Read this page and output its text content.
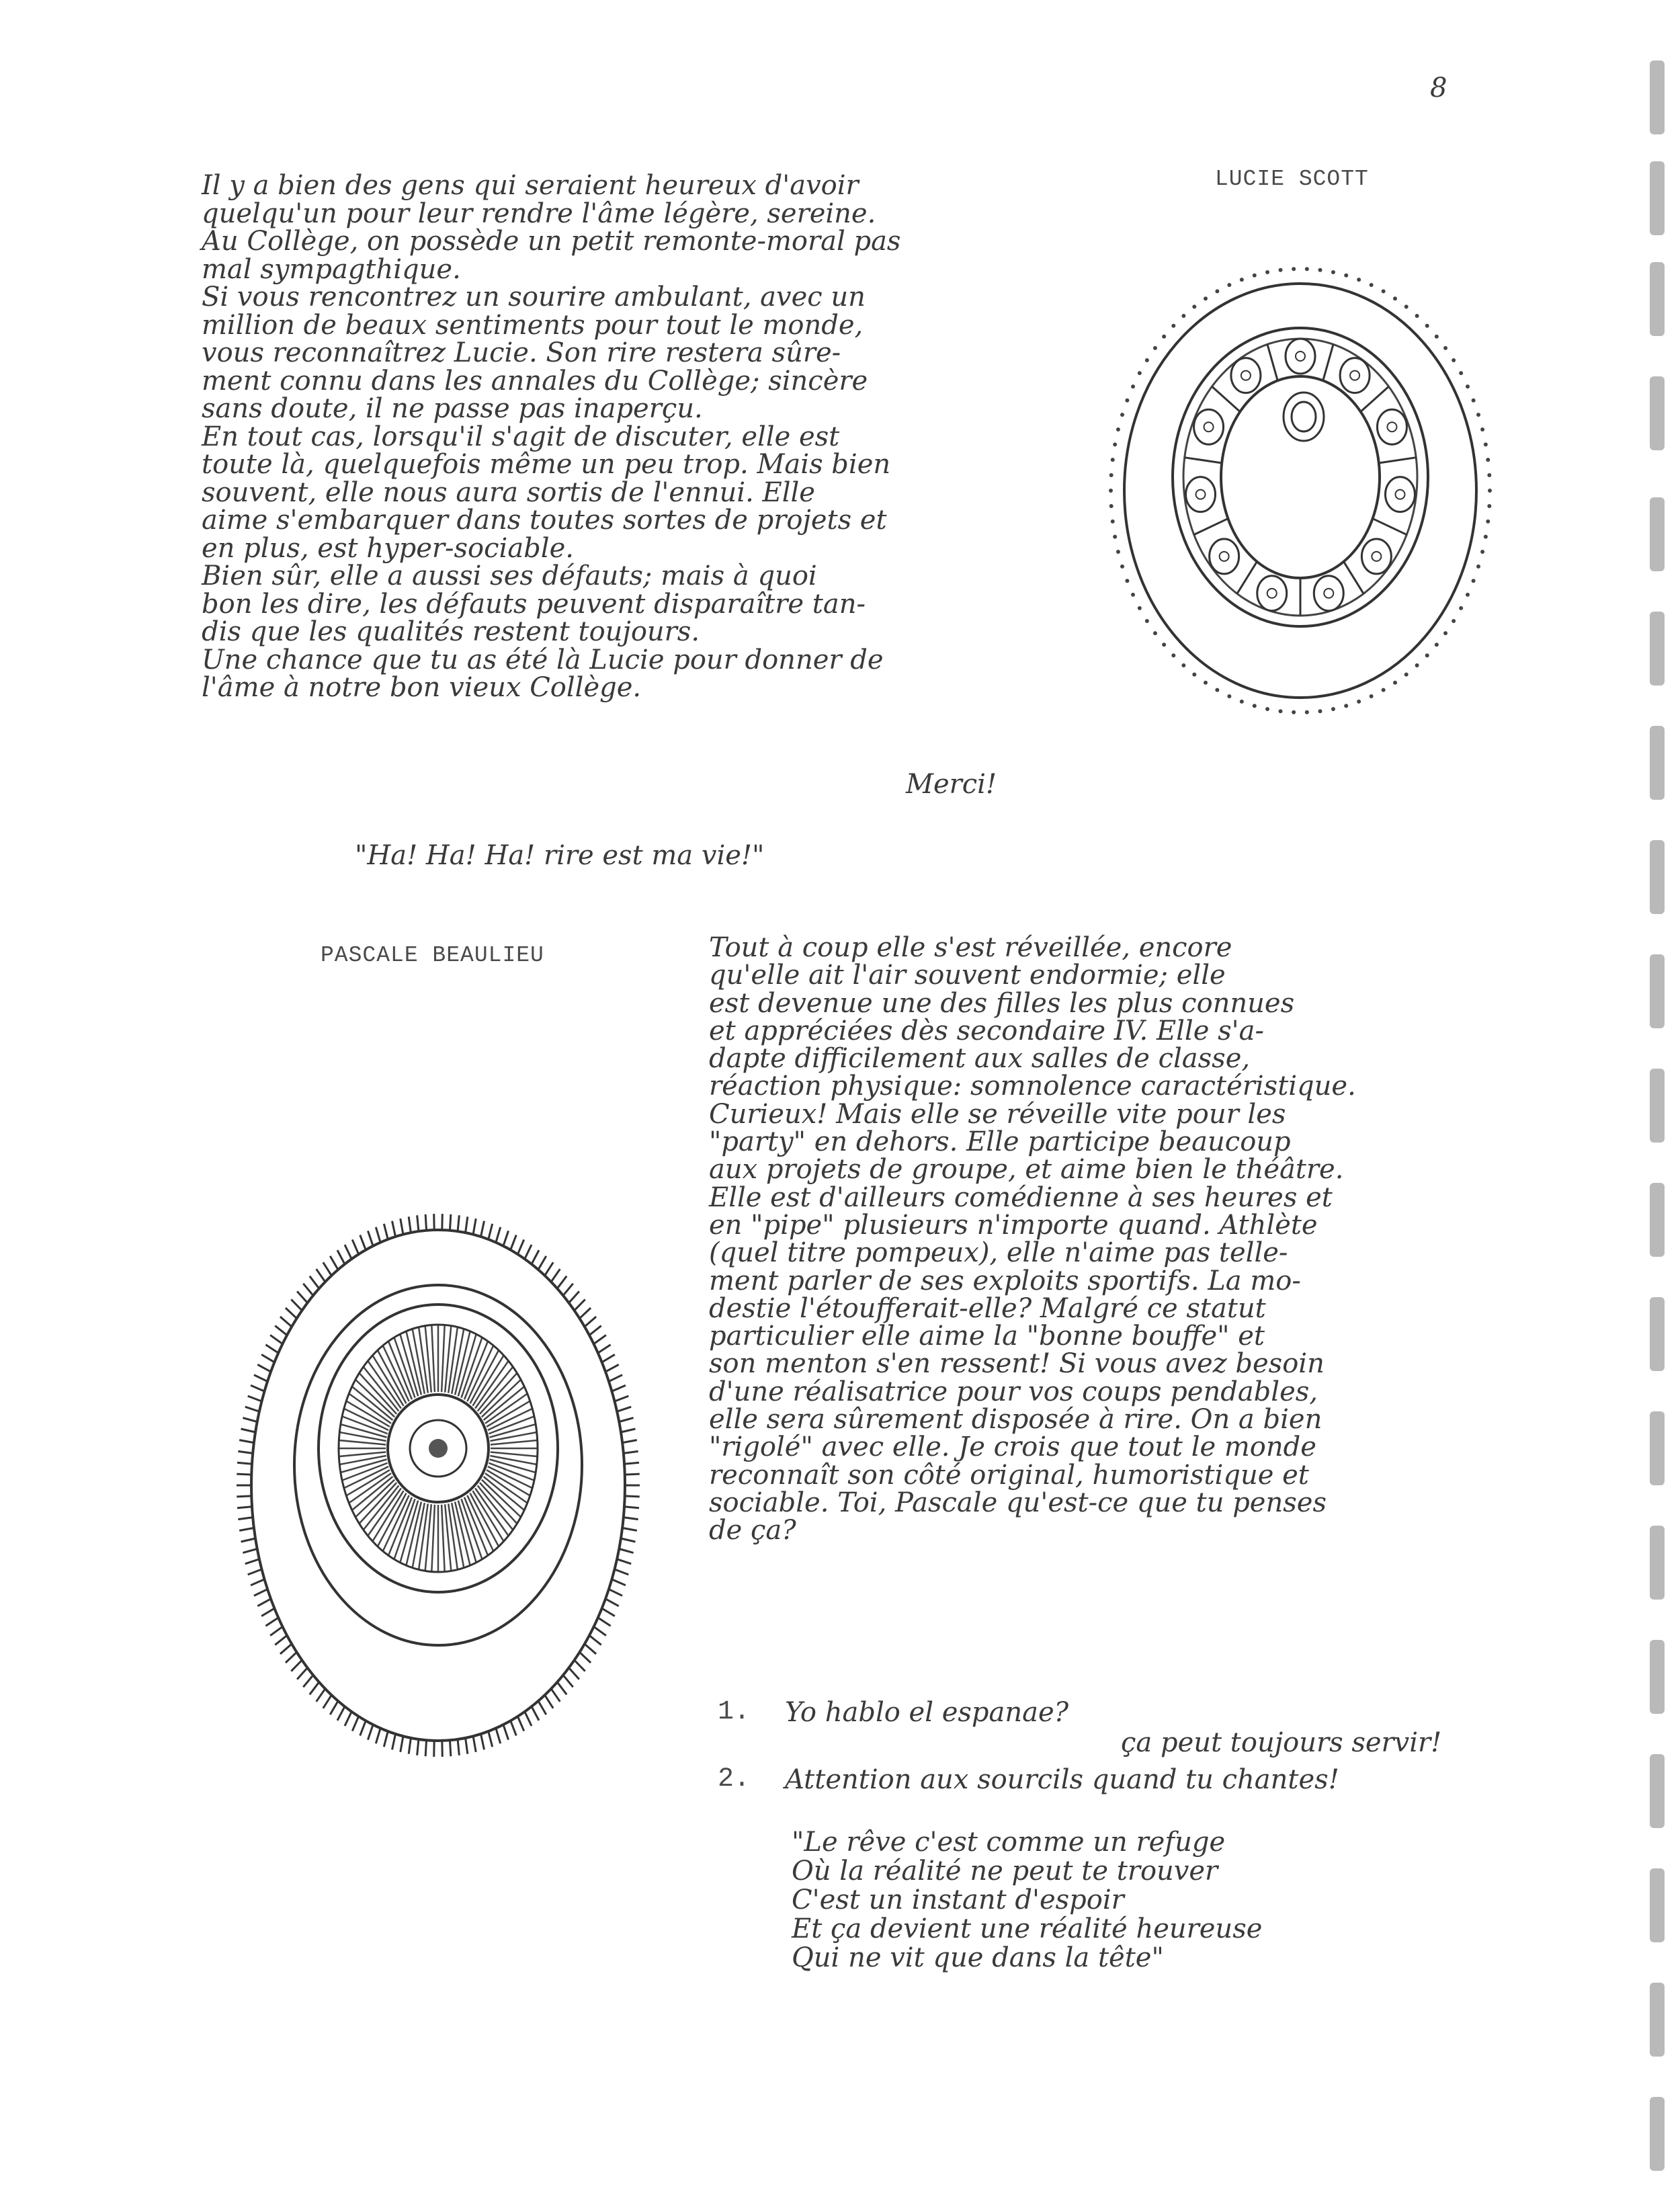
8
Il y a bien des gens qui seraient heureux d'avoir
quelqu'un pour leur rendre l'âme légère, sereine.
Au Collège, on possède un petit remonte-moral pas
mal sympagthique.
Si vous rencontrez un sourire ambulant, avec un
million de beaux sentiments pour tout le monde,
vous reconnaîtrez Lucie. Son rire restera sûre-
ment connu dans les annales du Collège; sincère
sans doute, il ne passe pas inaperçu.
En tout cas, lorsqu'il s'agit de discuter, elle est
toute là, quelquefois même un peu trop. Mais bien
souvent, elle nous aura sortis de l'ennui. Elle
aime s'embarquer dans toutes sortes de projets et
en plus, est hyper-sociable.
Bien sûr, elle a aussi ses défauts; mais à quoi
bon les dire, les défauts peuvent disparaître tan-
dis que les qualités restent toujours.
Une chance que tu as été là Lucie pour donner de
l'âme à notre bon vieux Collège.
Merci!
"Ha! Ha! Ha! rire est ma vie!"
LUCIE SCOTT
PASCALE BEAULIEU	Tout à coup elle s'est réveillée, encore
qu'elle ait l'air souvent endormie; elle
est devenue une des filles les plus connues
et appréciées dès secondaire IV. Elle s'a-
dapte difficilement aux salles de classe,
réaction physique: somnolence caractéristique.
Curieux! Mais elle se réveille vite pour les
"party" en dehors. Elle participe beaucoup
aux projets de groupe, et aime bien le théâtre.
Elle est d'ailleurs comédienne à ses heures et
en "pipe" plusieurs n'importe quand. Athlète
(quel titre pompeux), elle n'aime pas telle-
ment parler de ses exploits sportifs. La mo-
destie l'étoufferait-elle? Malgré ce statut
particulier elle aime la "bonne bouffe" et
son menton s'en ressent! Si vous avez besoin
d'une réalisatrice pour vos coups pendables,
elle sera sûrement disposée à rire. On a bien
"rigolé" avec elle. Je crois que tout le monde
reconnaît son côté original, humoristique et
sociable. Toi, Pascale qu'est-ce que tu penses
de ça?
1. Yo hablo el espanae?
ça peut toujours servir!
2. Attention aux sourcils quand tu chantes!
"Le rêve c'est comme un refuge
Où la réalité ne peut te trouver
C'est un instant d'espoir
Et ça devient une réalité heureuse
Qui ne vit que dans la tête"
